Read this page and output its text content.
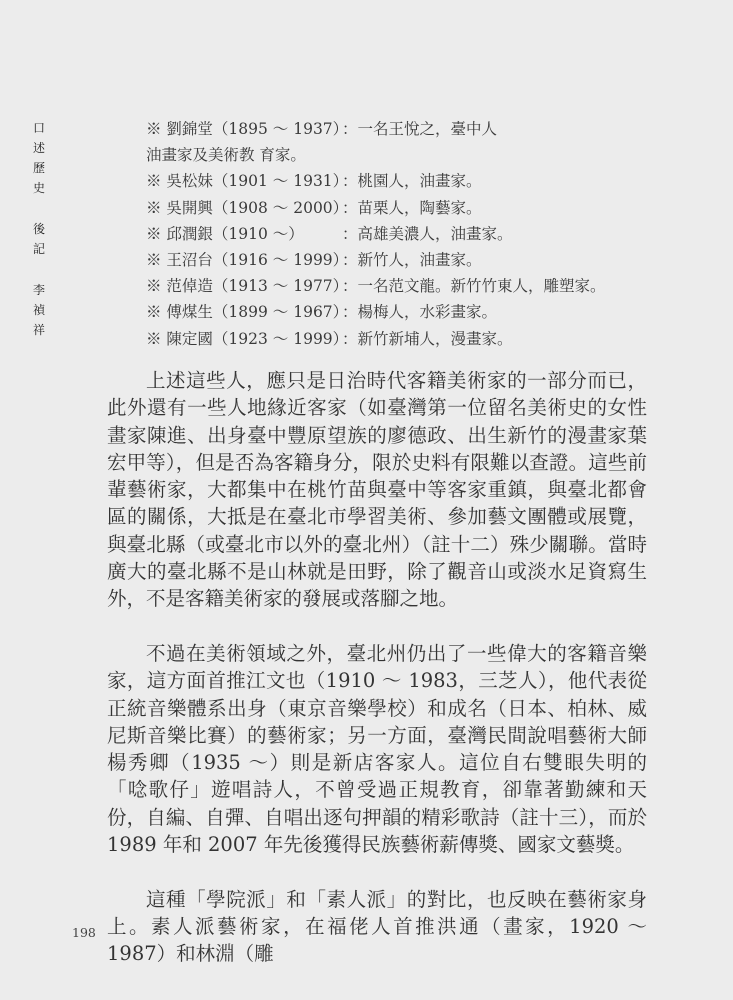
口
述
歷
史
後
記
李
禎
祥
※ 劉錦堂（1895 ～ 1937）
：一名王悅之，臺中人
油畫家及美術教 育家。
※ 吳松妹（1901 ～ 1931）
：桃園人，油畫家。
※ 吳開興（1908 ～ 2000）
：苗栗人，陶藝家。
※ 邱潤銀（1910 ～） ：高雄美濃人，油畫家。
※ 王沼台（1916 ～ 1999）
：新竹人，油畫家。
※ 范倬造（1913 ～ 1977）
：一名范文龍。新竹竹東人，雕塑家。
※ 傅煤生（1899 ～ 1967）
：楊梅人，水彩畫家。
※ 陳定國（1923 ～ 1999）
：新竹新埔人，漫畫家。

上述這些人，應只是日治時代客籍美術家的一部分而已，此外還有一些人地緣近客家（如臺灣第一位留名美術史的女性畫家陳進、出身臺中豐原望族的廖德政、出生新竹的漫畫家葉宏甲等），但是否為客籍身分，限於史料有限難以查證。這些前輩藝術家，大都集中在桃竹苗與臺中等客家重鎮，與臺北都會區的關係，大抵是在臺北市學習美術、參加藝文團體或展覽，與臺北縣（或臺北市以外的臺北州）（註十二）殊少關聯。當時廣大的臺北縣不是山林就是田野，除了觀音山或淡水足資寫生外，不是客籍美術家的發展或落腳之地。

不過在美術領域之外，臺北州仍出了一些偉大的客籍音樂家，這方面首推江文也（1910 ～ 1983，三芝人），他代表從正統音樂體系出身（東京音樂學校）和成名（日本、柏林、威尼斯音樂比賽）的藝術家；另一方面，臺灣民間說唱藝術大師楊秀卿（1935 ～）則是新店客家人。這位自右雙眼失明的「唸歌仔」遊唱詩人，不曾受過正規教育，卻靠著勤練和天份，自編、自彈、自唱出逐句押韻的精彩歌詩（註十三），而於 1989 年和 2007 年先後獲得民族藝術薪傳獎、國家文藝獎。

這種「學院派」和「素人派」的對比，也反映在藝術家身上。素人派藝術家，在福佬人首推洪通（畫家，1920 ～ 1987）和林淵（雕

198
